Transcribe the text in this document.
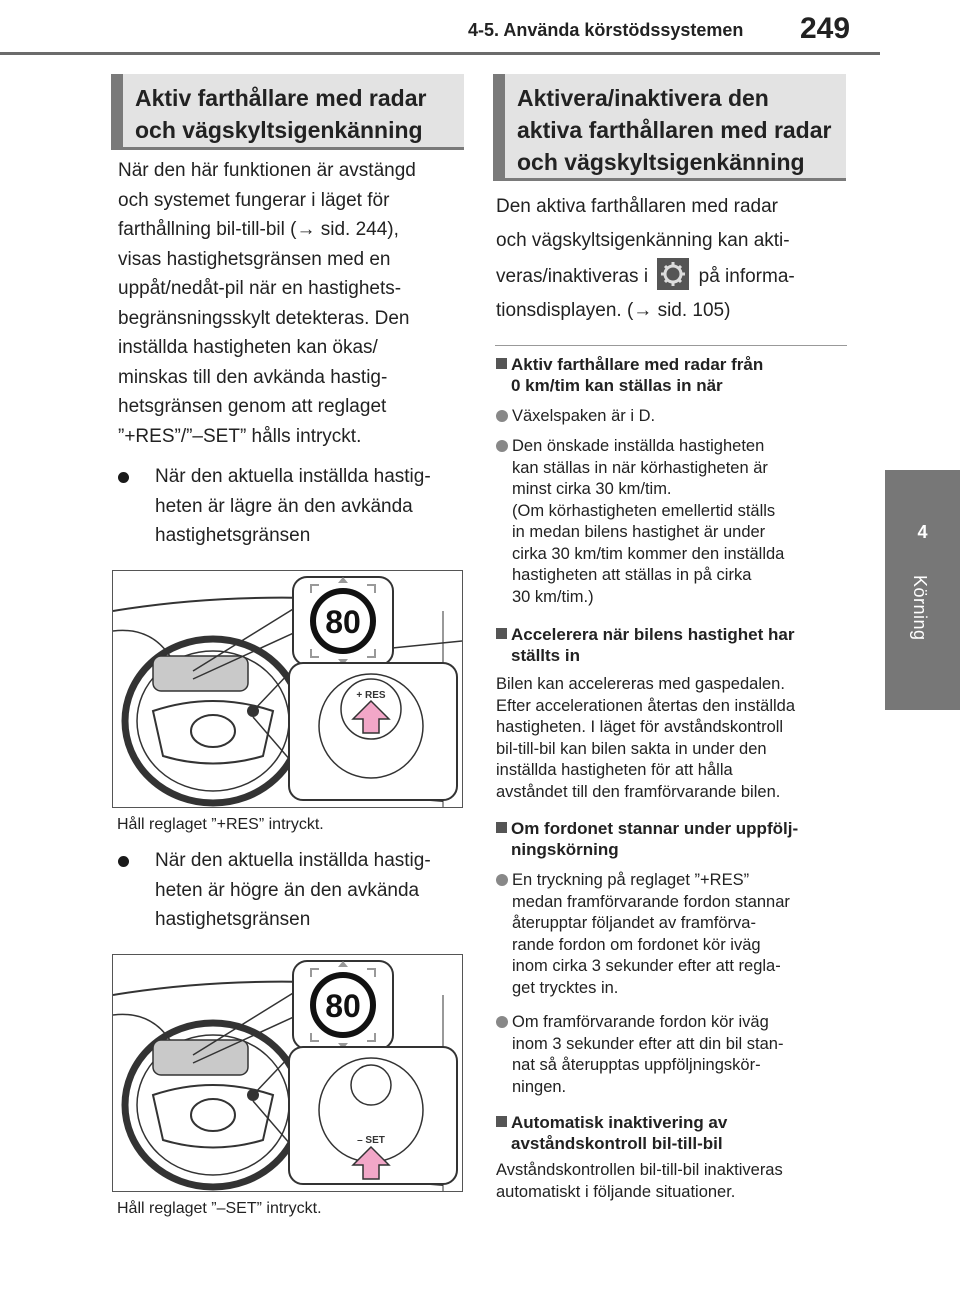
4-5. Använda körstödssystemen 249
4
Körning
Aktiv farthållare med radar
och vägskyltsigenkänning
När den här funktionen är avstängd
och systemet fungerar i läget för
farthållning bil-till-bil (→ sid. 244),
visas hastighetsgränsen med en
uppåt/nedåt-pil när en hastighets-
begränsningsskylt detekteras. Den
inställda hastigheten kan ökas/
minskas till den avkända hastig-
hetsgränsen genom att reglaget
”+RES”/”–SET” hålls intryckt.
När den aktuella inställda hastig-
heten är lägre än den avkända
hastighetsgränsen
80
+ RES
Håll reglaget ”+RES” intryckt.
När den aktuella inställda hastig-
heten är högre än den avkända
hastighetsgränsen
80
– SET
Håll reglaget ”–SET” intryckt.
Aktivera/inaktivera den
aktiva farthållaren med radar
och vägskyltsigenkänning
Den aktiva farthållaren med radar
och vägskyltsigenkänning kan akti-
veras/inaktiveras i	på informa-
tionsdisplayen. (→ sid. 105)
Aktiv farthållare med radar från
0 km/tim kan ställas in när
Växelspaken är i D.
Den önskade inställda hastigheten
kan ställas in när körhastigheten är
minst cirka 30 km/tim.
(Om körhastigheten emellertid ställs
in medan bilens hastighet är under
cirka 30 km/tim kommer den inställda
hastigheten att ställas in på cirka
30 km/tim.)
Accelerera när bilens hastighet har
ställts in
Bilen kan accelereras med gaspedalen.
Efter accelerationen återtas den inställda
hastigheten. I läget för avståndskontroll
bil-till-bil kan bilen sakta in under den
inställda hastigheten för att hålla
avståndet till den framförvarande bilen.
Om fordonet stannar under uppfölj-
ningskörning
En tryckning på reglaget ”+RES”
medan framförvarande fordon stannar
återupptar följandet av framförva-
rande fordon om fordonet kör iväg
inom cirka 3 sekunder efter att regla-
get trycktes in.
Om framförvarande fordon kör iväg
inom 3 sekunder efter att din bil stan-
nat så återupptas uppföljningskör-
ningen.
Automatisk inaktivering av
avståndskontroll bil-till-bil
Avståndskontrollen bil-till-bil inaktiveras
automatiskt i följande situationer.
